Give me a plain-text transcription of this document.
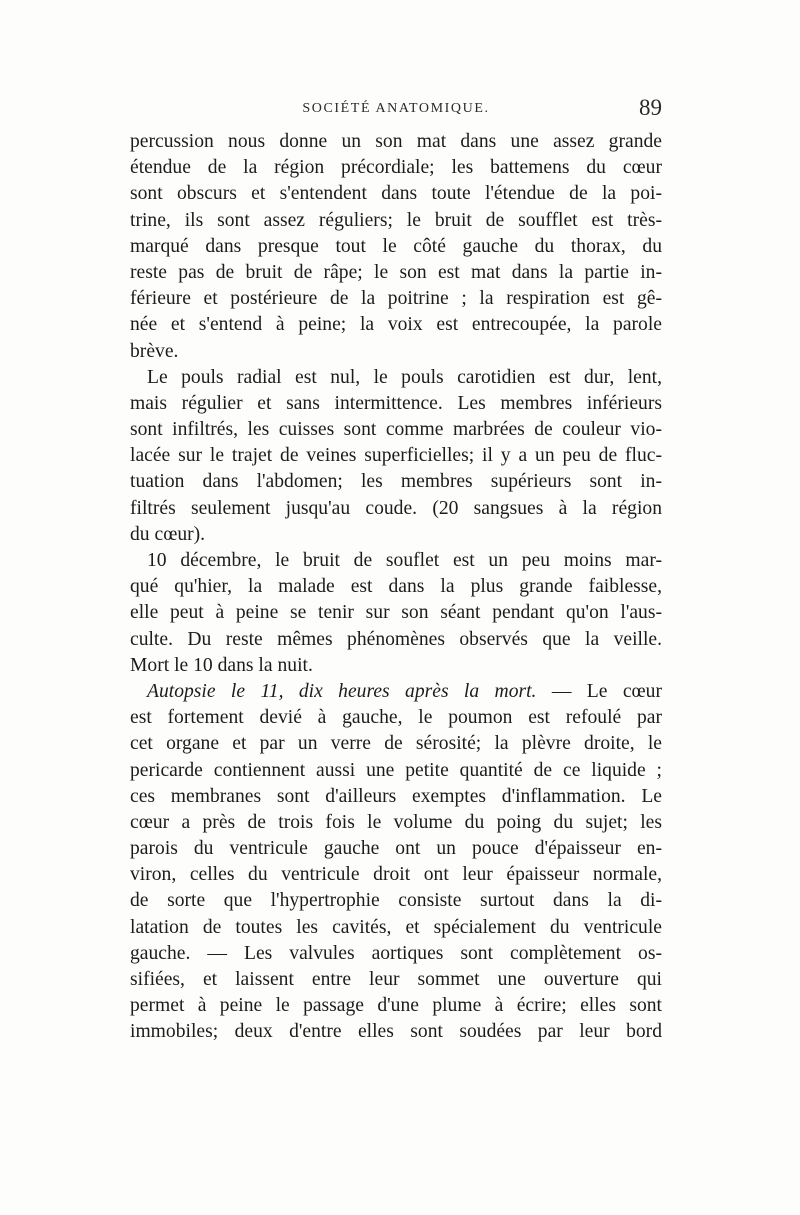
SOCIÉTÉ ANATOMIQUE.	89
percussion nous donne un son mat dans une assez grande
étendue de la région précordiale; les battemens du cœur
sont obscurs et s'entendent dans toute l'étendue de la poi-
trine, ils sont assez réguliers; le bruit de soufflet est très-
marqué dans presque tout le côté gauche du thorax, du
reste pas de bruit de râpe; le son est mat dans la partie in-
férieure et postérieure de la poitrine ; la respiration est gê-
née et s'entend à peine; la voix est entrecoupée, la parole
brève.
Le pouls radial est nul, le pouls carotidien est dur, lent,
mais régulier et sans intermittence. Les membres inférieurs
sont infiltrés, les cuisses sont comme marbrées de couleur vio-
lacée sur le trajet de veines superficielles; il y a un peu de fluc-
tuation dans l'abdomen; les membres supérieurs sont in-
filtrés seulement jusqu'au coude. (20 sangsues à la région
du cœur).
10 décembre, le bruit de souflet est un peu moins mar-
qué qu'hier, la malade est dans la plus grande faiblesse,
elle peut à peine se tenir sur son séant pendant qu'on l'aus-
culte. Du reste mêmes phénomènes observés que la veille.
Mort le 10 dans la nuit.
Autopsie le 11, dix heures après la mort. — Le cœur
est fortement devié à gauche, le poumon est refoulé par
cet organe et par un verre de sérosité; la plèvre droite, le
pericarde contiennent aussi une petite quantité de ce liquide ;
ces membranes sont d'ailleurs exemptes d'inflammation. Le
cœur a près de trois fois le volume du poing du sujet; les
parois du ventricule gauche ont un pouce d'épaisseur en-
viron, celles du ventricule droit ont leur épaisseur normale,
de sorte que l'hypertrophie consiste surtout dans la di-
latation de toutes les cavités, et spécialement du ventricule
gauche. — Les valvules aortiques sont complètement os-
sifiées, et laissent entre leur sommet une ouverture qui
permet à peine le passage d'une plume à écrire; elles sont
immobiles; deux d'entre elles sont soudées par leur bord
